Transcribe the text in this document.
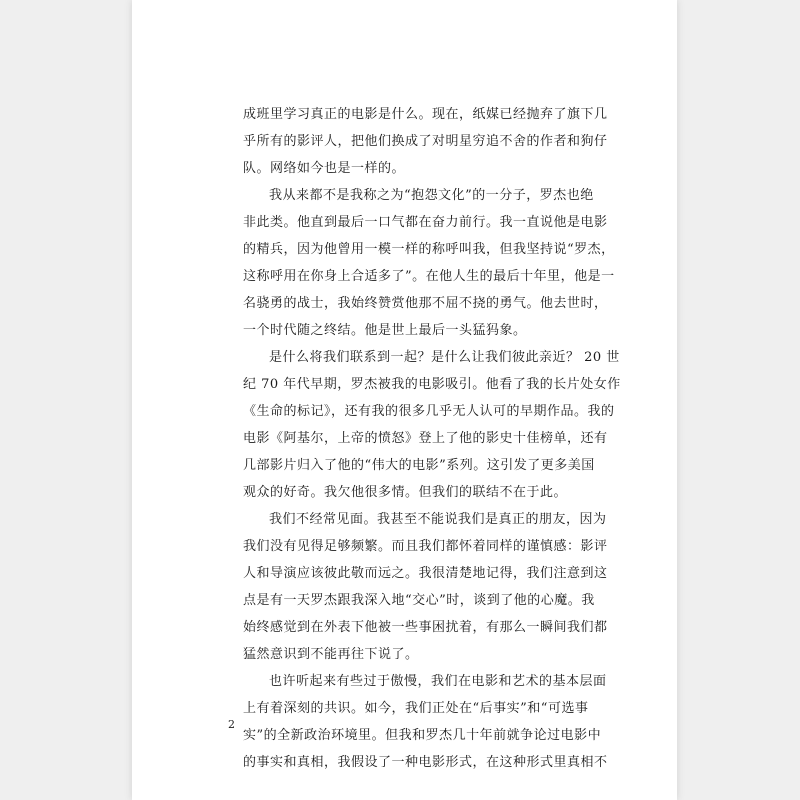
成班里学习真正的电影是什么。现在，纸媒已经抛弃了旗下几
乎所有的影评人，把他们换成了对明星穷追不舍的作者和狗仔
队。网络如今也是一样的。
我从来都不是我称之为“抱怨文化”的一分子，罗杰也绝
非此类。他直到最后一口气都在奋力前行。我一直说他是电影
的精兵，因为他曾用一模一样的称呼叫我，但我坚持说“罗杰，
这称呼用在你身上合适多了”。在他人生的最后十年里，他是一
名骁勇的战士，我始终赞赏他那不屈不挠的勇气。他去世时，
一个时代随之终结。他是世上最后一头猛犸象。
是什么将我们联系到一起？是什么让我们彼此亲近？ 20 世
纪 70 年代早期，罗杰被我的电影吸引。他看了我的长片处女作
《生命的标记》，还有我的很多几乎无人认可的早期作品。我的
电影《阿基尔，上帝的愤怒》登上了他的影史十佳榜单，还有
几部影片归入了他的“伟大的电影”系列。这引发了更多美国
观众的好奇。我欠他很多情。但我们的联结不在于此。
我们不经常见面。我甚至不能说我们是真正的朋友，因为
我们没有见得足够频繁。而且我们都怀着同样的谨慎感：影评
人和导演应该彼此敬而远之。我很清楚地记得，我们注意到这
点是有一天罗杰跟我深入地“交心”时，谈到了他的心魔。我
始终感觉到在外表下他被一些事困扰着，有那么一瞬间我们都
猛然意识到不能再往下说了。
也许听起来有些过于傲慢，我们在电影和艺术的基本层面
上有着深刻的共识。如今，我们正处在“后事实”和“可选事
实”的全新政治环境里。但我和罗杰几十年前就争论过电影中
的事实和真相，我假设了一种电影形式，在这种形式里真相不
2
